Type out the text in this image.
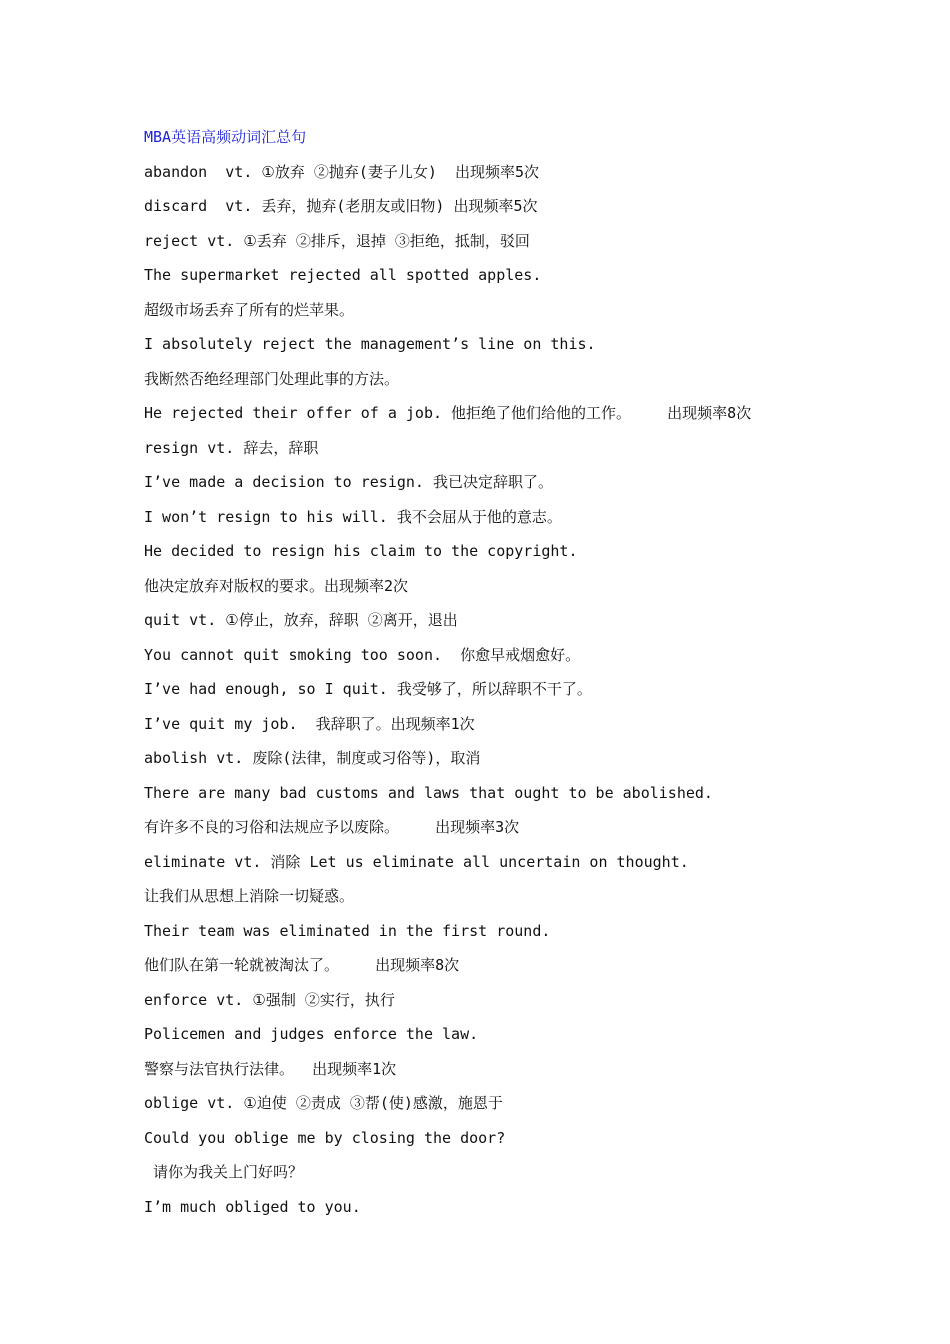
MBA英语高频动词汇总句
abandon  vt. ①放弃 ②抛弃(妻子儿女)  出现频率5次
discard  vt. 丢弃，抛弃(老朋友或旧物) 出现频率5次
reject vt. ①丢弃 ②排斥，退掉 ③拒绝，抵制，驳回
The supermarket rejected all spotted apples.
超级市场丢弃了所有的烂苹果。
I absolutely reject the management’s line on this.
我断然否绝经理部门处理此事的方法。
He rejected their offer of a job. 他拒绝了他们给他的工作。    出现频率8次
resign vt. 辞去，辞职
I’ve made a decision to resign. 我已决定辞职了。
I won’t resign to his will. 我不会屈从于他的意志。
He decided to resign his claim to the copyright.
他决定放弃对版权的要求。出现频率2次
quit vt. ①停止，放弃，辞职 ②离开，退出
You cannot quit smoking too soon.  你愈早戒烟愈好。
I’ve had enough, so I quit. 我受够了，所以辞职不干了。
I’ve quit my job.  我辞职了。出现频率1次
abolish vt. 废除(法律，制度或习俗等)，取消
There are many bad customs and laws that ought to be abolished.
有许多不良的习俗和法规应予以废除。    出现频率3次
eliminate vt. 消除 Let us eliminate all uncertain on thought.
让我们从思想上消除一切疑惑。
Their team was eliminated in the first round.
他们队在第一轮就被淘汰了。    出现频率8次
enforce vt. ①强制 ②实行，执行
Policemen and judges enforce the law.
警察与法官执行法律。  出现频率1次
oblige vt. ①迫使 ②责成 ③帮(使)感激，施恩于
Could you oblige me by closing the door?
请你为我关上门好吗？
I’m much obliged to you.
